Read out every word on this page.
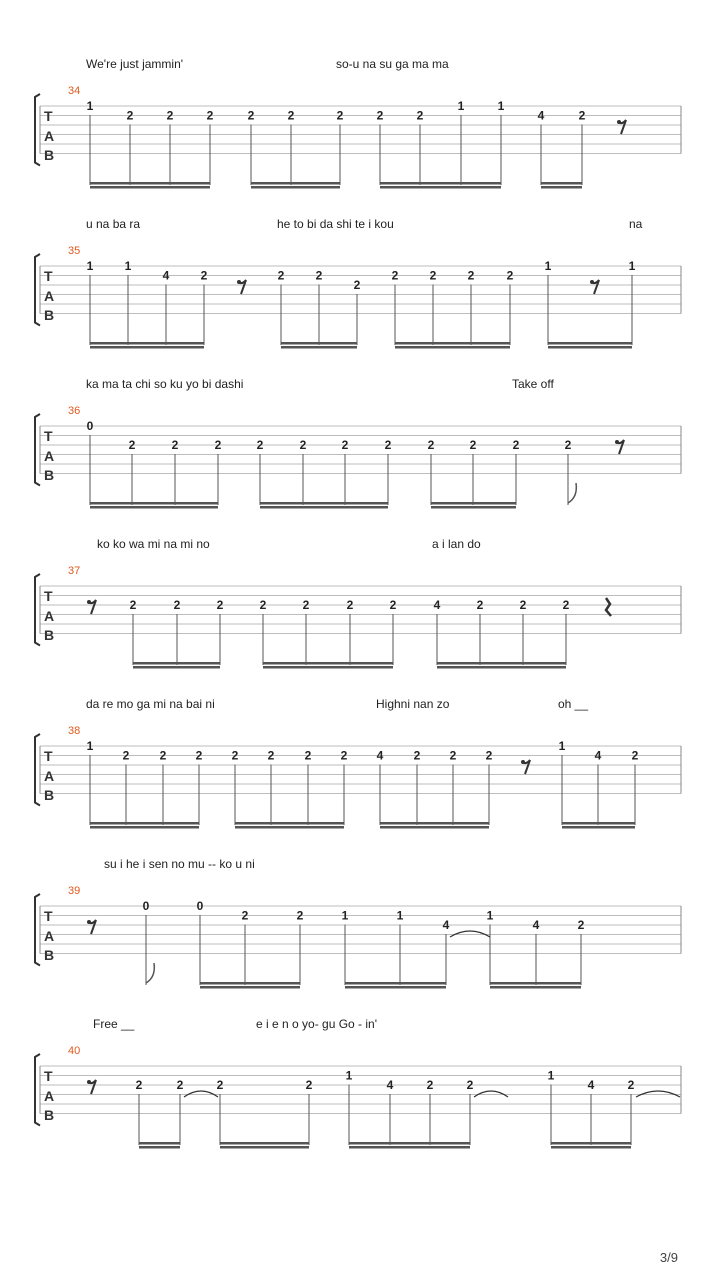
We're just jammin'	so-u na su ga ma ma
u na ba ra	he to bi da shi te i kou	na
ka ma ta chi so ku yo bi dashi	Take off
ko ko wa mi na mi no	a i lan do
da re mo ga mi na bai ni	Highni nan zo	oh __
su i he i sen no mu -- ko u ni
Free __	e i e n o yo- gu Go - in'
34
T
A
B
1
2	2	2	2	2	2	2	2
1	1
4	2
35
T
A
B
1	1
4	2	2	2
2
2	2	2	2
1	1
36
T
A
B
0
2	2	2	2	2	2	2	2	2	2	2
37
T
A
B
2	2	2	2	2	2	2	4	2	2	2
38
T
A
B
1
2	2 2 2 2	2 2 4	2 2 2
1
4	2
39
T
A
B
0	0
2	2	1	1
4
1
4	2
40
T
A
B
2	2	2	2
1
4	2	2
1
4	2
3/9
